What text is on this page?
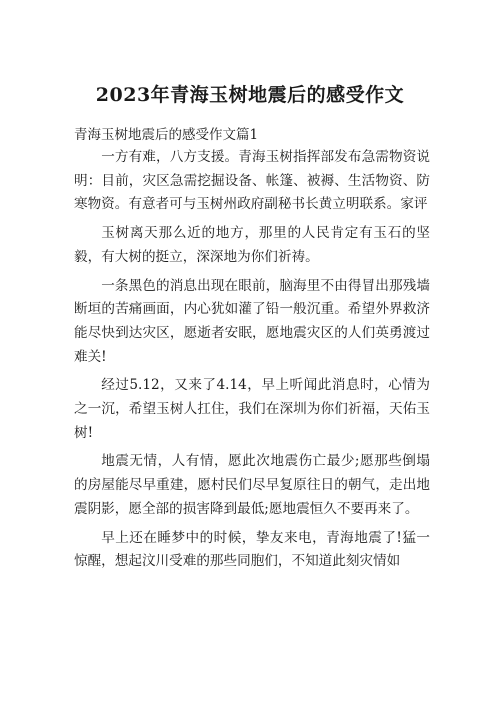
2023年青海玉树地震后的感受作文
青海玉树地震后的感受作文篇1

一方有难，八方支援。青海玉树指挥部发布急需物资说明：目前，灾区急需挖掘设备、帐篷、被褥、生活物资、防寒物资。有意者可与玉树州政府副秘书长黄立明联系。家评

玉树离天那么近的地方，那里的人民肯定有玉石的坚毅，有大树的挺立，深深地为你们祈祷。

一条黑色的消息出现在眼前，脑海里不由得冒出那残墙断垣的苦痛画面，内心犹如灌了铅一般沉重。希望外界救济能尽快到达灾区，愿逝者安眠，愿地震灾区的人们英勇渡过难关!

经过5.12，又来了4.14，早上听闻此消息时，心情为之一沉，希望玉树人扛住，我们在深圳为你们祈福，天佑玉树!

地震无情，人有情，愿此次地震伤亡最少;愿那些倒塌的房屋能尽早重建，愿村民们尽早复原往日的朝气，走出地震阴影，愿全部的损害降到最低;愿地震恒久不要再来了。

早上还在睡梦中的时候，挚友来电，青海地震了!猛一惊醒，想起汶川受难的那些同胞们，不知道此刻灾情如
